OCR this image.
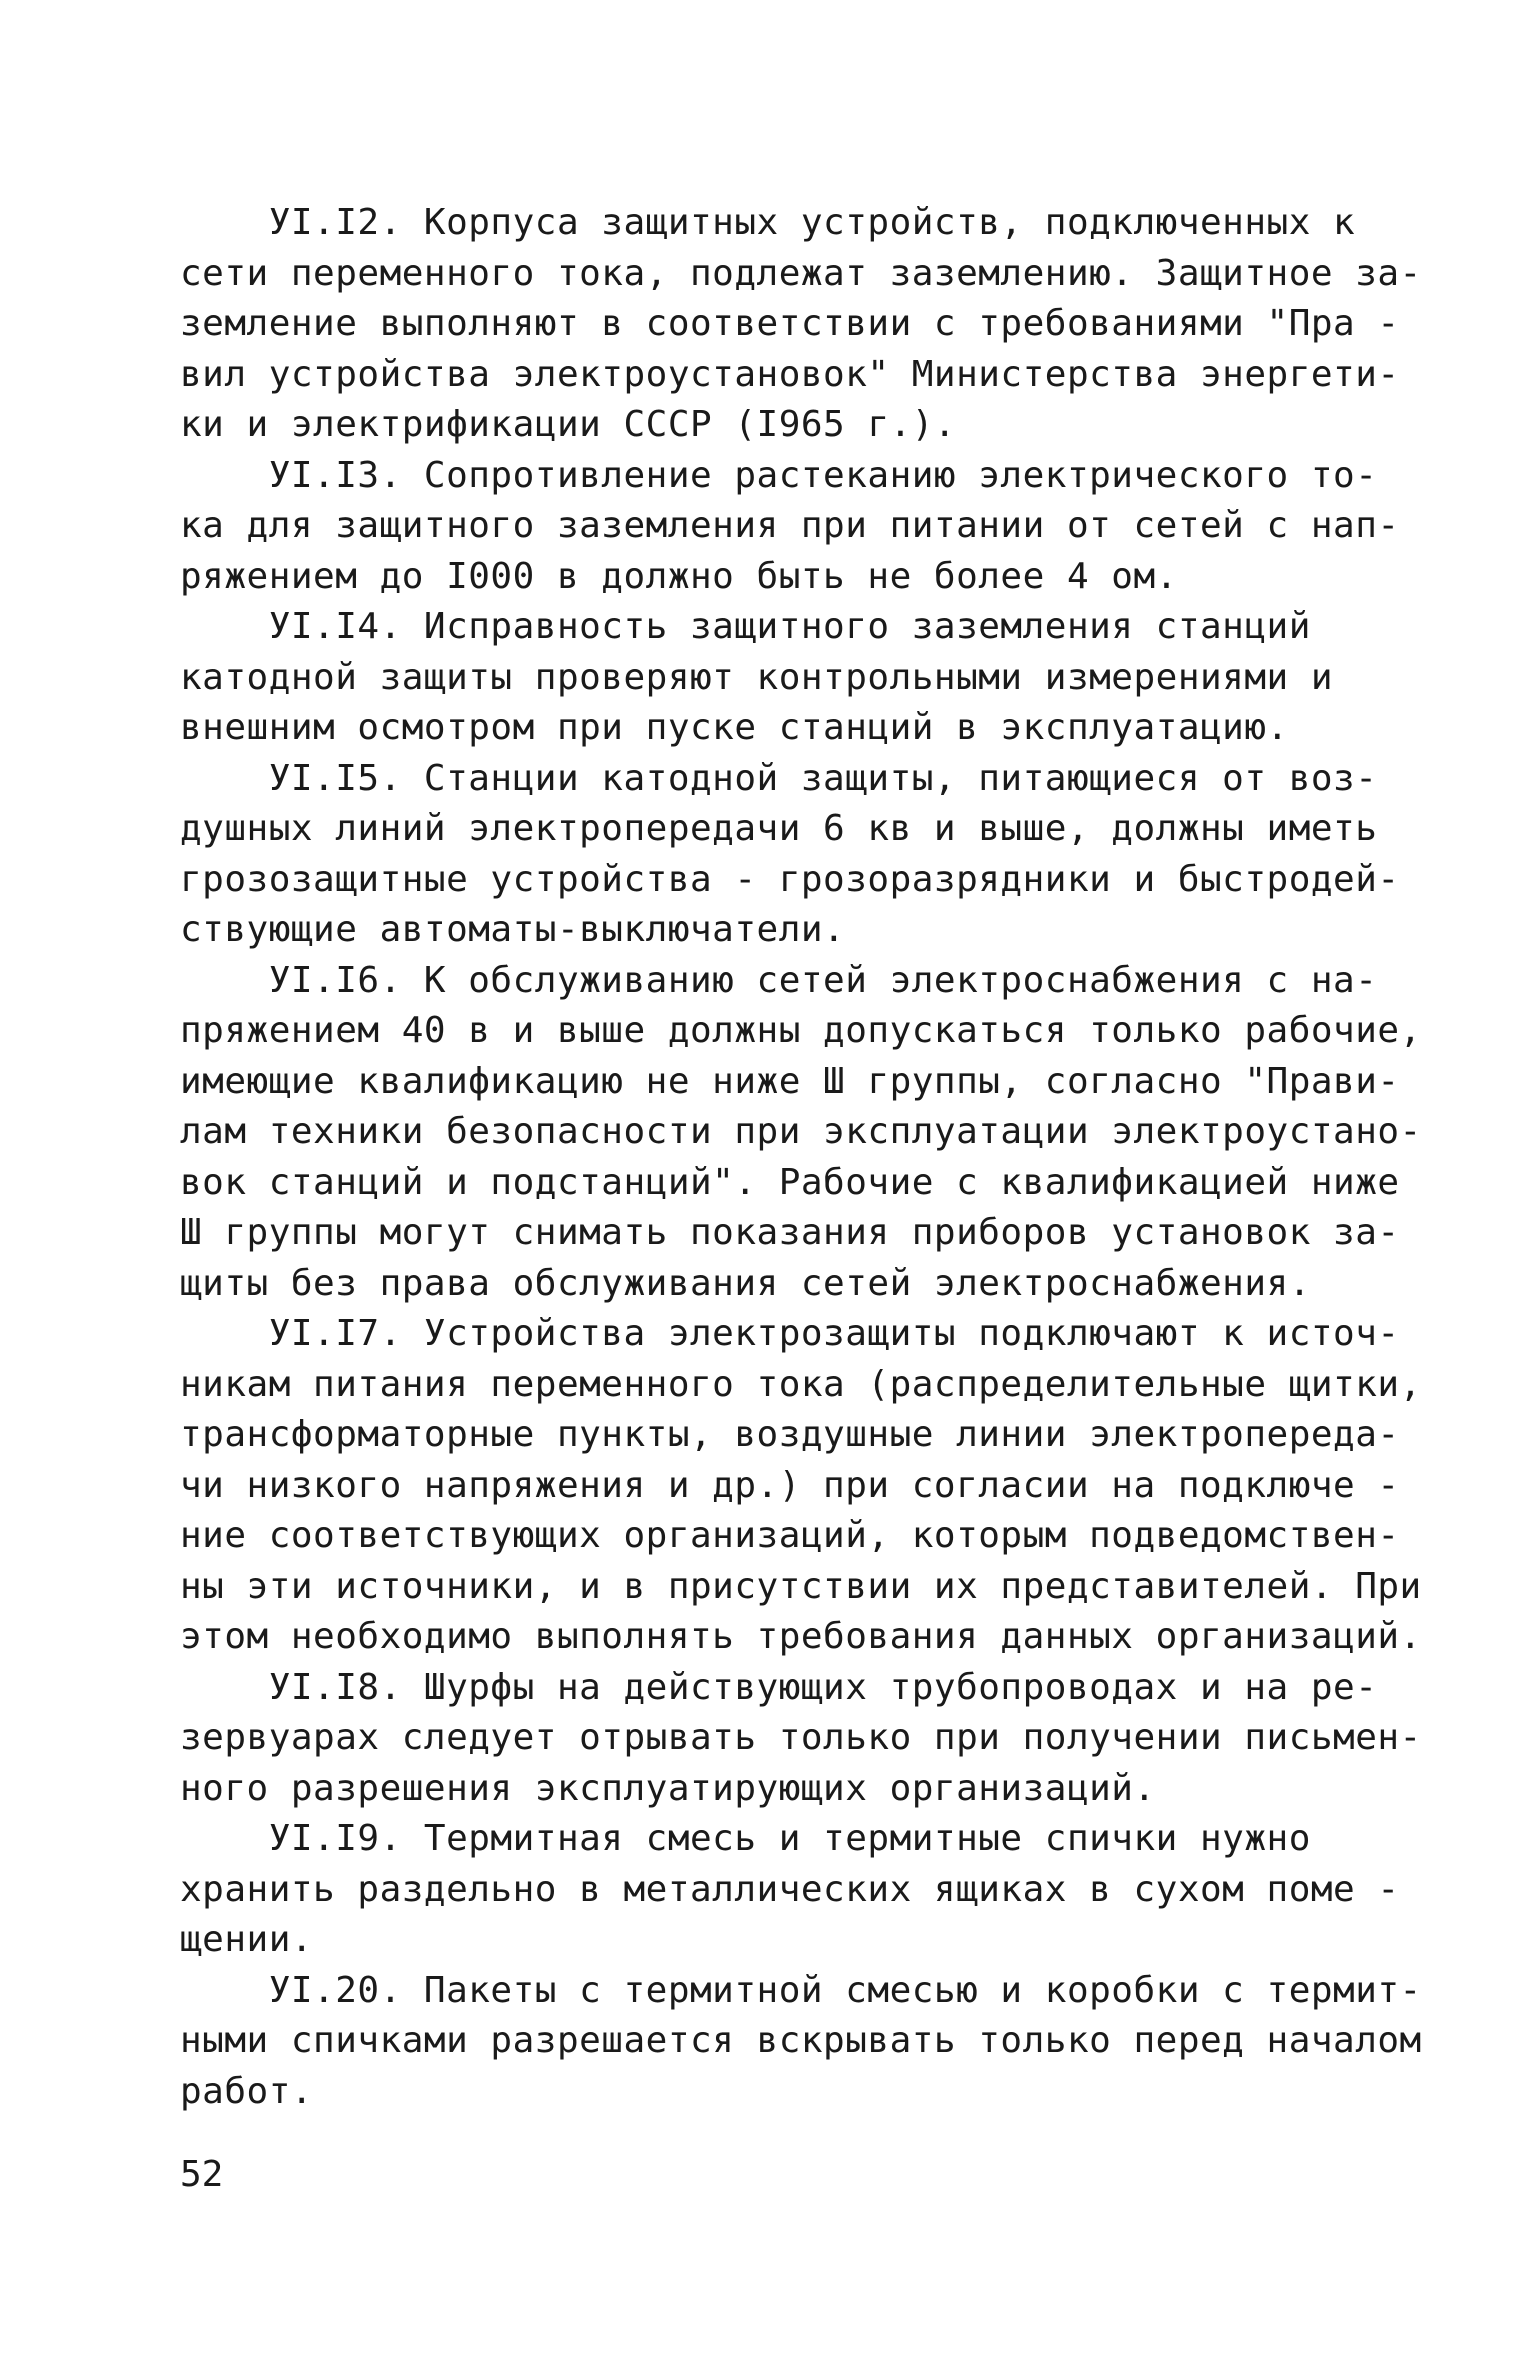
УI.I2. Корпуса защитных устройств, подключенных к
сети переменного тока, подлежат заземлению. Защитное за-
земление выполняют в соответствии с требованиями "Пра -
вил устройства электроустановок" Министерства энергети-
ки и электрификации СССР (I965 г.).
УI.I3. Сопротивление растеканию электрического то-
ка для защитного заземления при питании от сетей с нап-
ряжением до I000 в должно быть не более 4 ом.
УI.I4. Исправность защитного заземления станций
катодной защиты проверяют контрольными измерениями и
внешним осмотром при пуске станций в эксплуатацию.
УI.I5. Станции катодной защиты, питающиеся от воз-
душных линий электропередачи 6 кв и выше, должны иметь
грозозащитные устройства - грозоразрядники и быстродей-
ствующие автоматы-выключатели.
УI.I6. К обслуживанию сетей электроснабжения с на-
пряжением 40 в и выше должны допускаться только рабочие,
имеющие квалификацию не ниже Ш группы, согласно "Прави-
лам техники безопасности при эксплуатации электроустано-
вок станций и подстанций". Рабочие с квалификацией ниже
Ш группы могут снимать показания приборов установок за-
щиты без права обслуживания сетей электроснабжения.
УI.I7. Устройства электрозащиты подключают к источ-
никам питания переменного тока (распределительные щитки,
трансформаторные пункты, воздушные линии электропереда-
чи низкого напряжения и др.) при согласии на подключе -
ние соответствующих организаций, которым подведомствен-
ны эти источники, и в присутствии их представителей. При
этом необходимо выполнять требования данных организаций.
УI.I8. Шурфы на действующих трубопроводах и на ре-
зервуарах следует отрывать только при получении письмен-
ного разрешения эксплуатирующих организаций.
УI.I9. Термитная смесь и термитные спички нужно
хранить раздельно в металлических ящиках в сухом поме -
щении.
УI.20. Пакеты с термитной смесью и коробки с термит-
ными спичками разрешается вскрывать только перед началом
работ.
52
